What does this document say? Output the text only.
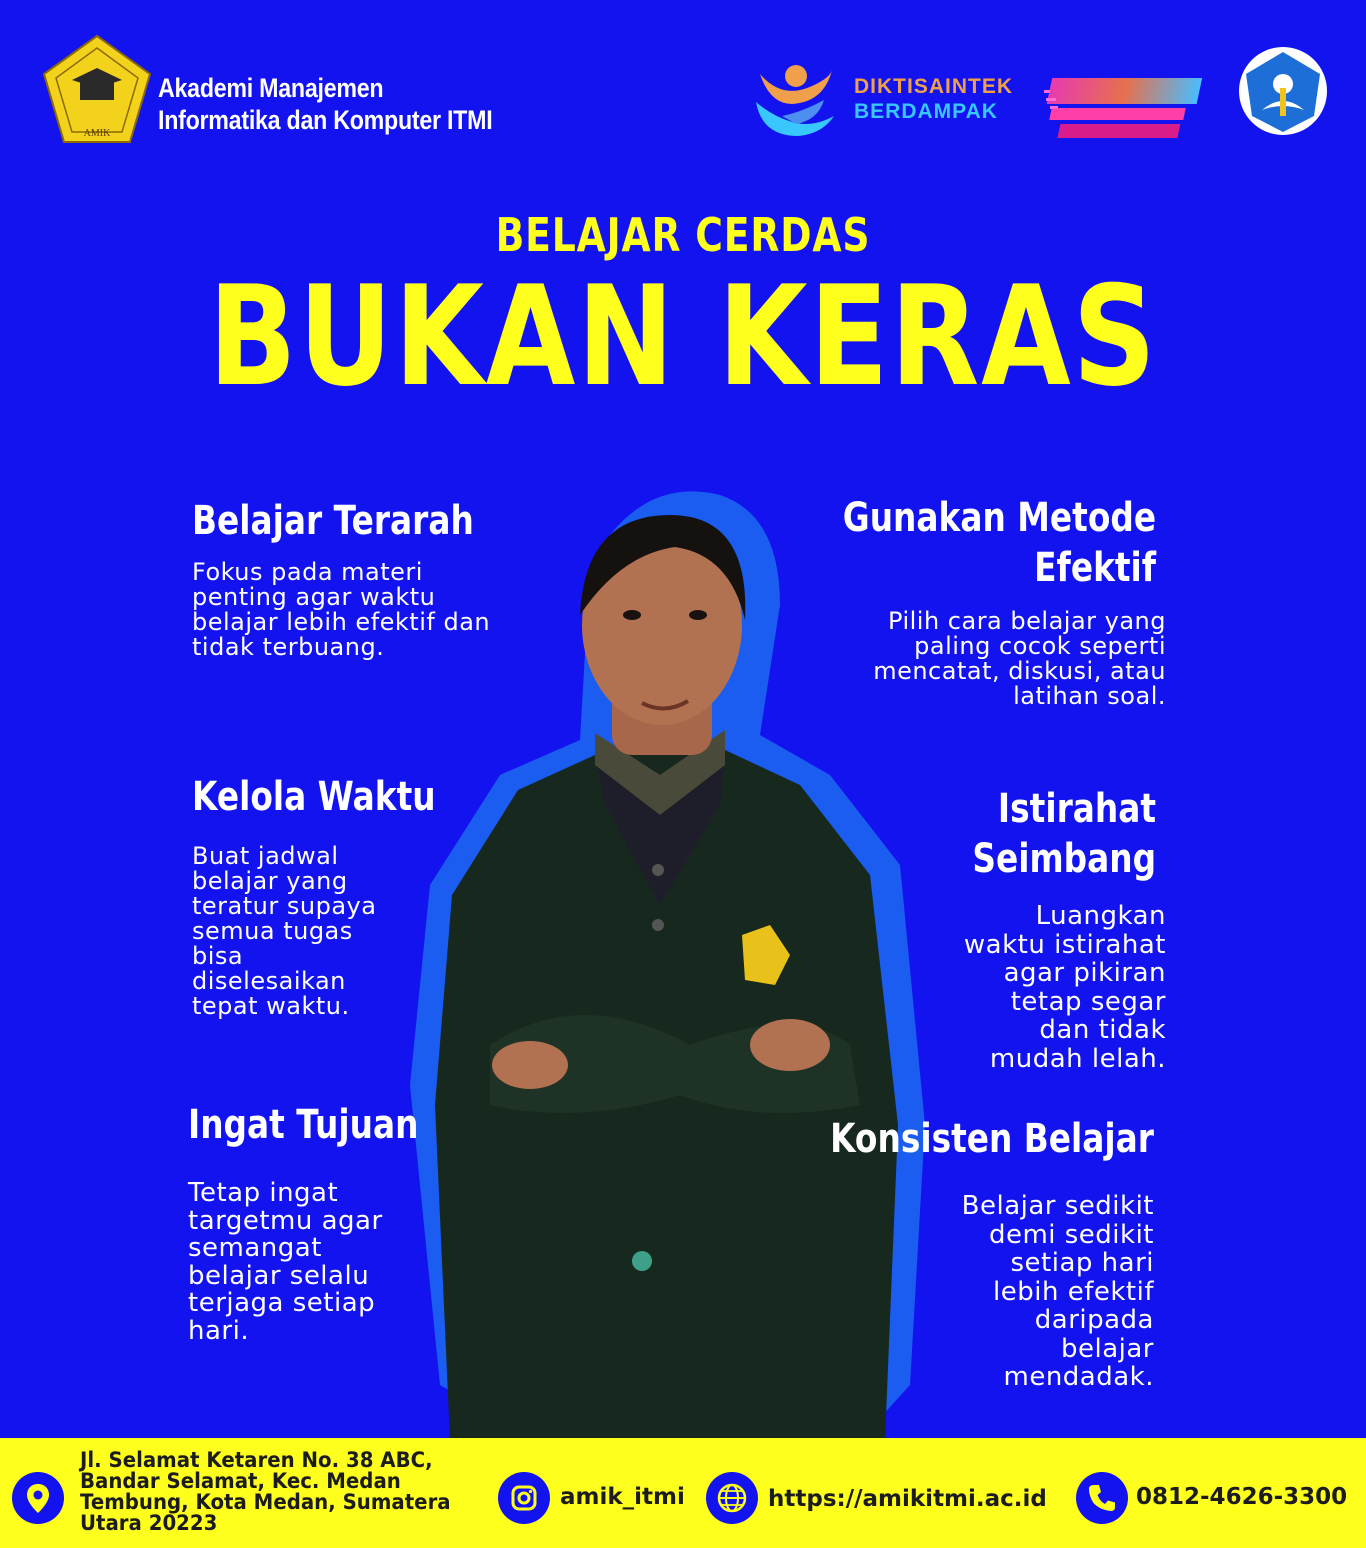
AMIK
Akademi Manajemen
Informatika dan Komputer ITMI
DIKTISAINTEK
BERDAMPAK
BELAJAR CERDAS
BUKAN KERAS
Belajar Terarah

Fokus pada materi
penting agar waktu
belajar lebih efektif dan
tidak terbuang.

Gunakan Metode
Efektif

Pilih cara belajar yang
paling cocok seperti
mencatat, diskusi, atau
latihan soal.

Kelola Waktu

Buat jadwal
belajar yang
teratur supaya
semua tugas
bisa
diselesaikan
tepat waktu.

Istirahat
Seimbang

Luangkan
waktu istirahat
agar pikiran
tetap segar
dan tidak
mudah lelah.

Ingat Tujuan

Tetap ingat
targetmu agar
semangat
belajar selalu
terjaga setiap
hari.

Konsisten Belajar

Belajar sedikit
demi sedikit
setiap hari
lebih efektif
daripada
belajar
mendadak.

Jl. Selamat Ketaren No. 38 ABC,
Bandar Selamat, Kec. Medan
Tembung, Kota Medan, Sumatera
Utara 20223
amik_itmi	https://amikitmi.ac.id	0812-4626-3300
